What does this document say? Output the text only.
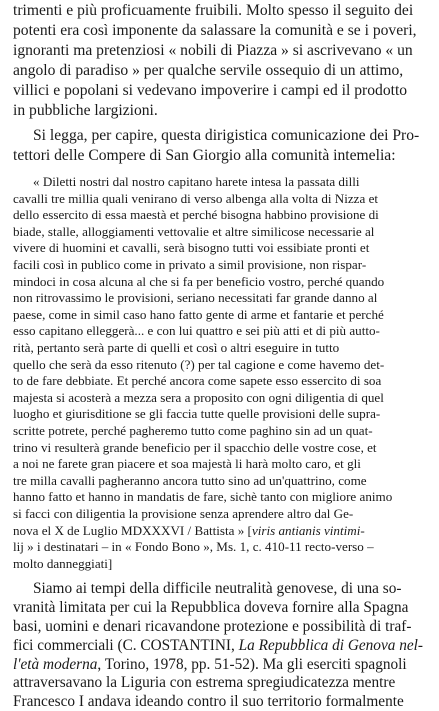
trimenti e più proficuamente fruibili. Molto spesso il seguito dei
potenti era così imponente da salassare la comunità e se i poveri,
ignoranti ma pretenziosi « nobili di Piazza » si ascrivevano « un
angolo di paradiso » per qualche servile ossequio di un attimo,
villici e popolani si vedevano impoverire i campi ed il prodotto
in pubbliche largizioni.
Si legga, per capire, questa dirigistica comunicazione dei Pro-
tettori delle Compere di San Giorgio alla comunità intemelia:
« Diletti nostri dal nostro capitano harete intesa la passata dilli
cavalli tre millia quali venirano di verso albenga alla volta di Nizza et
dello essercito di essa maestà et perché bisogna habbino provisione di
biade, stalle, alloggiamenti vettovalie et altre similicose necessarie al
vivere di huomini et cavalli, serà bisogno tutti voi essibiate pronti et
facili così in publico come in privato a simil provisione, non rispar-
mindoci in cosa alcuna al che si fa per beneficio vostro, perché quando
non ritrovassimo le provisioni, seriano necessitati far grande danno al
paese, come in simil caso hano fatto gente di arme et fantarie et perché
esso capitano elleggerà... e con lui quattro e sei più atti et di più autto-
rità, pertanto serà parte di quelli et così o altri eseguire in tutto
quello che serà da esso ritenuto (?) per tal cagione e come havemo det-
to de fare debbiate. Et perché ancora come sapete esso essercito di soa
majesta si acosterà a mezza sera a proposito con ogni diligentia di quel
luogho et giurisditione se gli faccia tutte quelle provisioni delle supra-
scritte potrete, perché pagheremo tutto come paghino sin ad un quat-
trino vi resulterà grande beneficio per il spacchio delle vostre cose, et
a noi ne farete gran piacere et soa majestà li harà molto caro, et gli
tre milla cavalli pagheranno ancora tutto sino ad un'quattrino, come
hanno fatto et hanno in mandatis de fare, sichè tanto con migliore animo
si facci con diligentia la provisione senza aprendere altro dal Ge-
nova el X de Luglio MDXXXVI / Battista » [viris antianis vintimi-
lij » i destinatari – in « Fondo Bono », Ms. 1, c. 410-11 recto-verso –
molto danneggiati]
Siamo ai tempi della difficile neutralità genovese, di una so-
vranità limitata per cui la Repubblica doveva fornire alla Spagna
basi, uomini e denari ricavandone protezione e possibilità di traf-
fici commerciali (C. COSTANTINI, La Repubblica di Genova nel-
l'età moderna, Torino, 1978, pp. 51-52). Ma gli eserciti spagnoli
attraversavano la Liguria con estrema spregiudicatezza mentre
Francesco I andava ideando contro il suo territorio formalmente
